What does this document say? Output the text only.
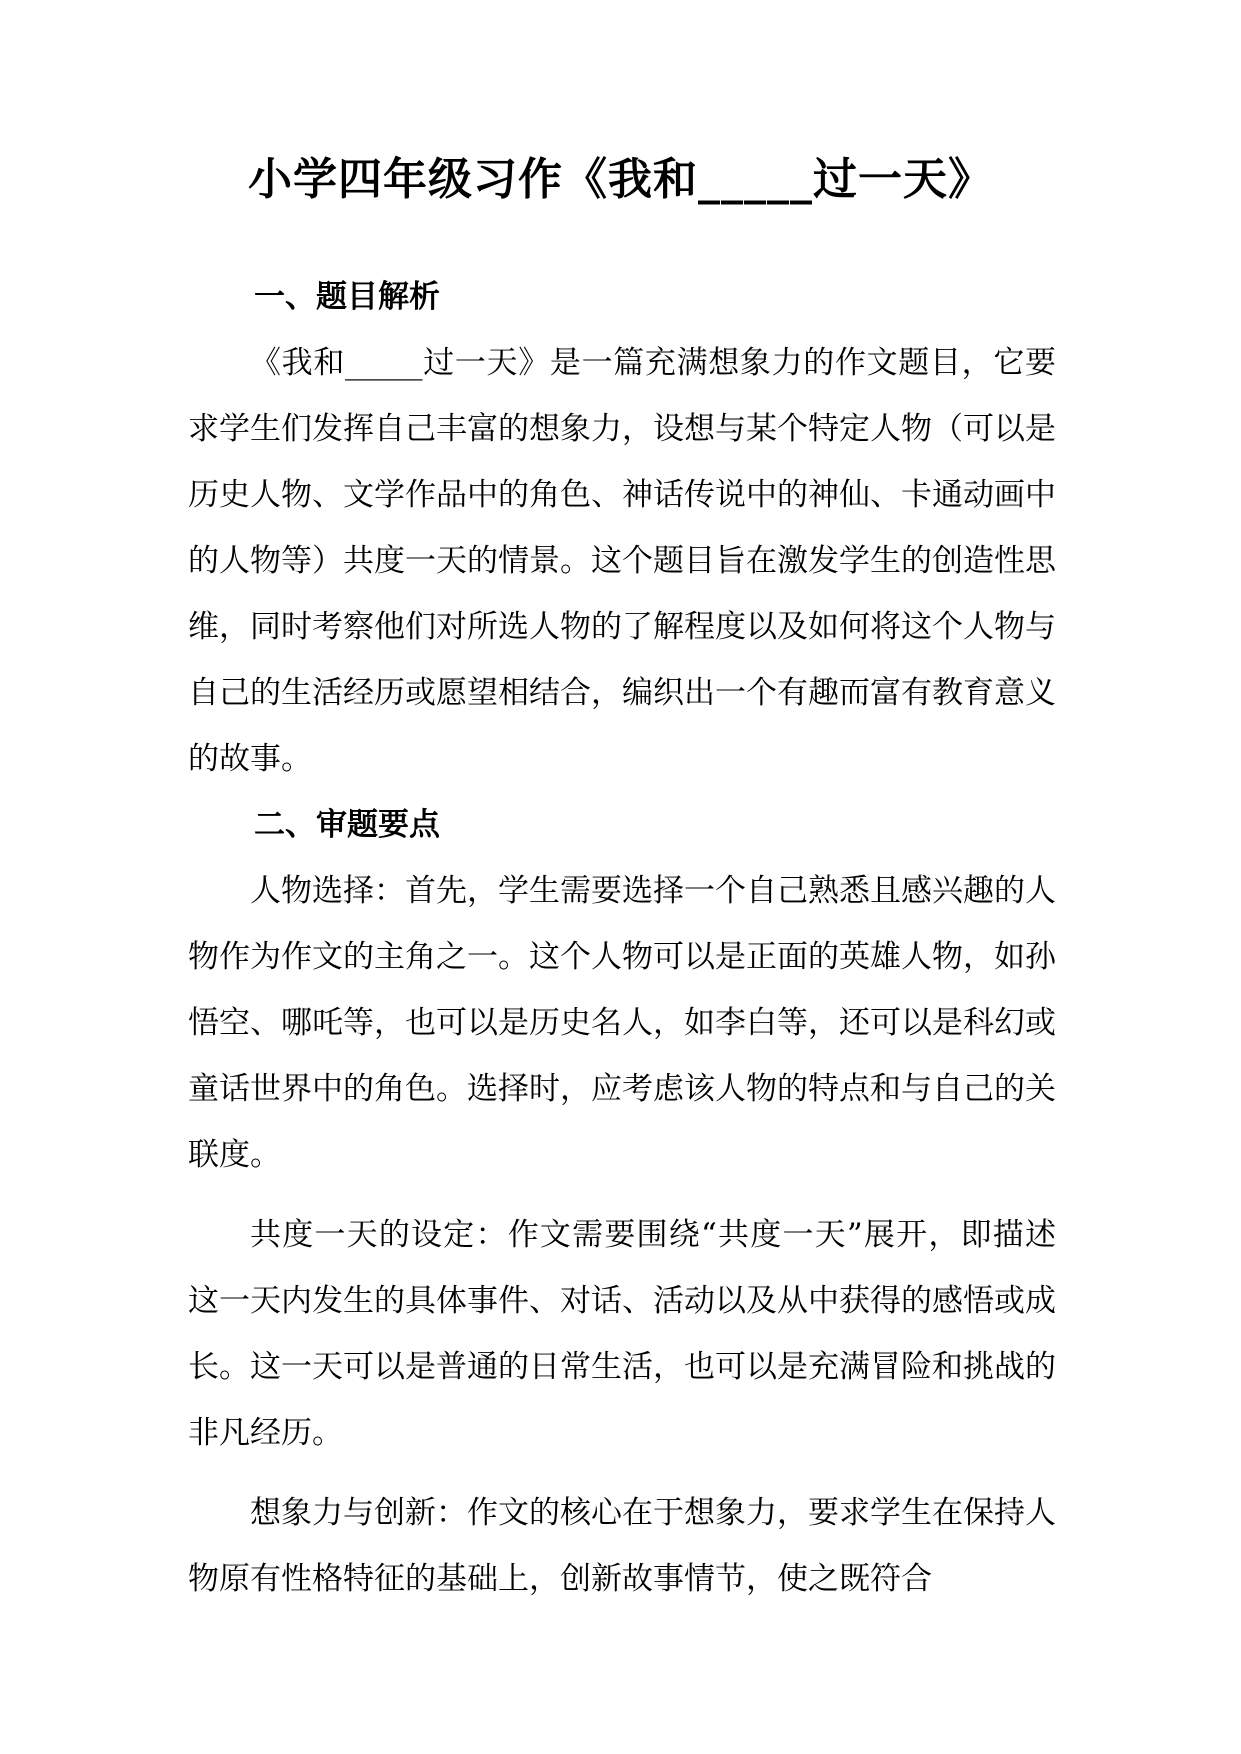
小学四年级习作《我和_____过一天》
一、题目解析

《我和_____过一天》是一篇充满想象力的作文题目，它要求学生们发挥自己丰富的想象力，设想与某个特定人物（可以是历史人物、文学作品中的角色、神话传说中的神仙、卡通动画中的人物等）共度一天的情景。这个题目旨在激发学生的创造性思维，同时考察他们对所选人物的了解程度以及如何将这个人物与自己的生活经历或愿望相结合，编织出一个有趣而富有教育意义的故事。

二、审题要点

人物选择：首先，学生需要选择一个自己熟悉且感兴趣的人物作为作文的主角之一。这个人物可以是正面的英雄人物，如孙悟空、哪吒等，也可以是历史名人，如李白等，还可以是科幻或童话世界中的角色。选择时，应考虑该人物的特点和与自己的关联度。

共度一天的设定：作文需要围绕“共度一天”展开，即描述这一天内发生的具体事件、对话、活动以及从中获得的感悟或成长。这一天可以是普通的日常生活，也可以是充满冒险和挑战的非凡经历。

想象力与创新：作文的核心在于想象力，要求学生在保持人物原有性格特征的基础上，创新故事情节，使之既符合
